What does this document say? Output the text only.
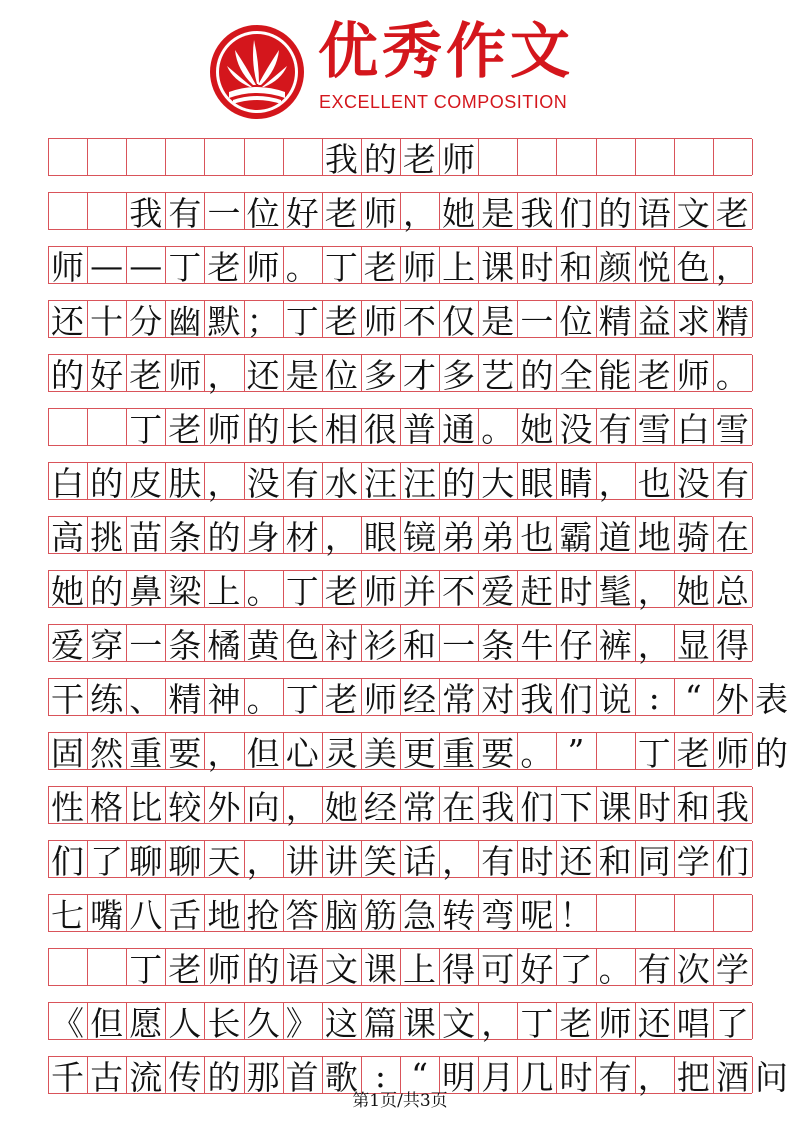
优秀作文
EXCELLENT COMPOSITION

我 的 老 师

我 有 一 位 好 老 师 ， 她 是 我 们 的 语 文 老
师 — — 丁 老 师 。 丁 老 师 上 课 时 和 颜 悦 色 ，
还 十 分 幽 默 ； 丁 老 师 不 仅 是 一 位 精 益 求 精
的 好 老 师 ， 还 是 位 多 才 多 艺 的 全 能 老 师 。

丁 老 师 的 长 相 很 普 通 。 她 没 有 雪 白 雪
白 的 皮 肤 ， 没 有 水 汪 汪 的 大 眼 睛 ， 也 没 有
高 挑 苗 条 的 身 材 ， 眼 镜 弟 弟 也 霸 道 地 骑 在
她 的 鼻 梁 上 。 丁 老 师 并 不 爱 赶 时 髦 ， 她 总
爱 穿 一 条 橘 黄 色 衬 衫 和 一 条 牛 仔 裤 ， 显 得
干 练 、 精 神 。 丁 老 师 经 常 对 我 们 说 : “ 外 表
固 然 重 要 ， 但 心 灵 美 更 重 要 。 ”
　	丁 老 师 的
性 格 比 较 外 向 ， 她 经 常 在 我 们 下 课 时 和 我
们 了 聊 聊 天 ， 讲 讲 笑 话 ， 有 时 还 和 同 学 们
七 嘴 八 舌 地 抢 答 脑 筋 急 转 弯 呢 ！

丁 老 师 的 语 文 课 上 得 可 好 了 。 有 次 学
《 但 愿 人 长 久 》 这 篇 课 文 ， 丁 老 师 还 唱 了
千 古 流 传 的 那 首 歌 : “ 明 月 几 时 有 ， 把 酒 问
第1页/共3页
